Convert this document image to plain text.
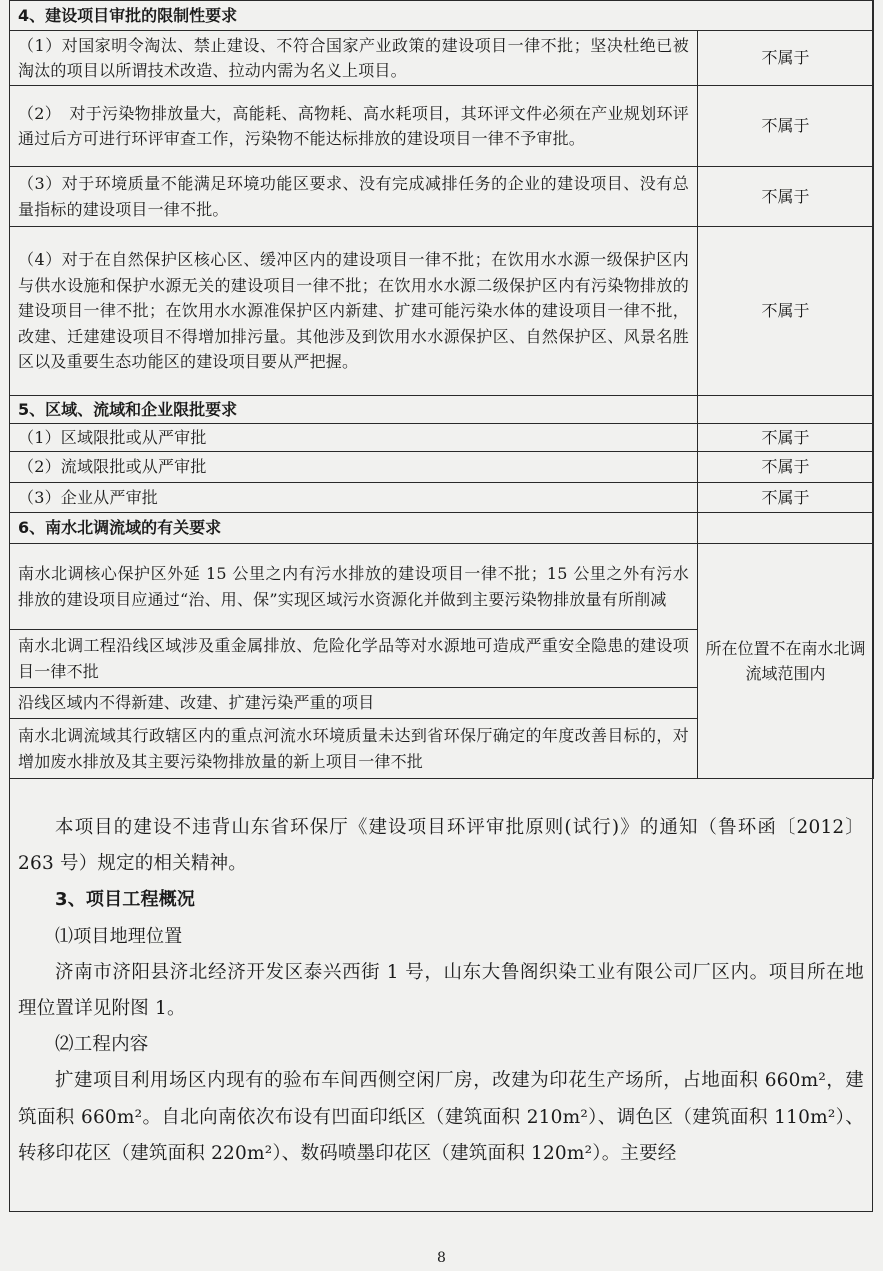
4、建设项目审批的限制性要求	
（1）对国家明令淘汰、禁止建设、不符合国家产业政策的建设项目一律不批；坚决杜绝已被淘汰的项目以所谓技术改造、拉动内需为名义上项目。	不属于
（2）　对于污染物排放量大，高能耗、高物耗、高水耗项目，其环评文件必须在产业规划环评通过后方可进行环评审查工作，污染物不能达标排放的建设项目一律不予审批。	不属于
（3）对于环境质量不能满足环境功能区要求、没有完成减排任务的企业的建设项目、没有总量指标的建设项目一律不批。	不属于
（4）对于在自然保护区核心区、缓冲区内的建设项目一律不批；在饮用水水源一级保护区内与供水设施和保护水源无关的建设项目一律不批；在饮用水水源二级保护区内有污染物排放的建设项目一律不批；在饮用水水源准保护区内新建、扩建可能污染水体的建设项目一律不批，改建、迁建建设项目不得增加排污量。其他涉及到饮用水水源保护区、自然保护区、风景名胜区以及重要生态功能区的建设项目要从严把握。	不属于
5、区域、流域和企业限批要求	
（1）区域限批或从严审批	不属于
（2）流域限批或从严审批	不属于
（3）企业从严审批	不属于
6、南水北调流域的有关要求	
南水北调核心保护区外延 15 公里之内有污水排放的建设项目一律不批；15 公里之外有污水排放的建设项目应通过“治、用、保”实现区域污水资源化并做到主要污染物排放量有所削减	所在位置不在南水北调流域范围内
南水北调工程沿线区域涉及重金属排放、危险化学品等对水源地可造成严重安全隐患的建设项目一律不批	
沿线区域内不得新建、改建、扩建污染严重的项目	
南水北调流域其行政辖区内的重点河流水环境质量未达到省环保厅确定的年度改善目标的，对增加废水排放及其主要污染物排放量的新上项目一律不批	

本项目的建设不违背山东省环保厅《建设项目环评审批原则(试行)》的通知（鲁环函〔2012〕263 号）规定的相关精神。

3、项目工程概况

⑴项目地理位置

济南市济阳县济北经济开发区泰兴西街 1 号，山东大鲁阁织染工业有限公司厂区内。项目所在地理位置详见附图 1。

⑵工程内容

扩建项目利用场区内现有的验布车间西侧空闲厂房，改建为印花生产场所，占地面积 660m²，建筑面积 660m²。自北向南依次布设有凹面印纸区（建筑面积 210m²）、调色区（建筑面积 110m²）、转移印花区（建筑面积 220m²）、数码喷墨印花区（建筑面积 120m²）。主要经

8
